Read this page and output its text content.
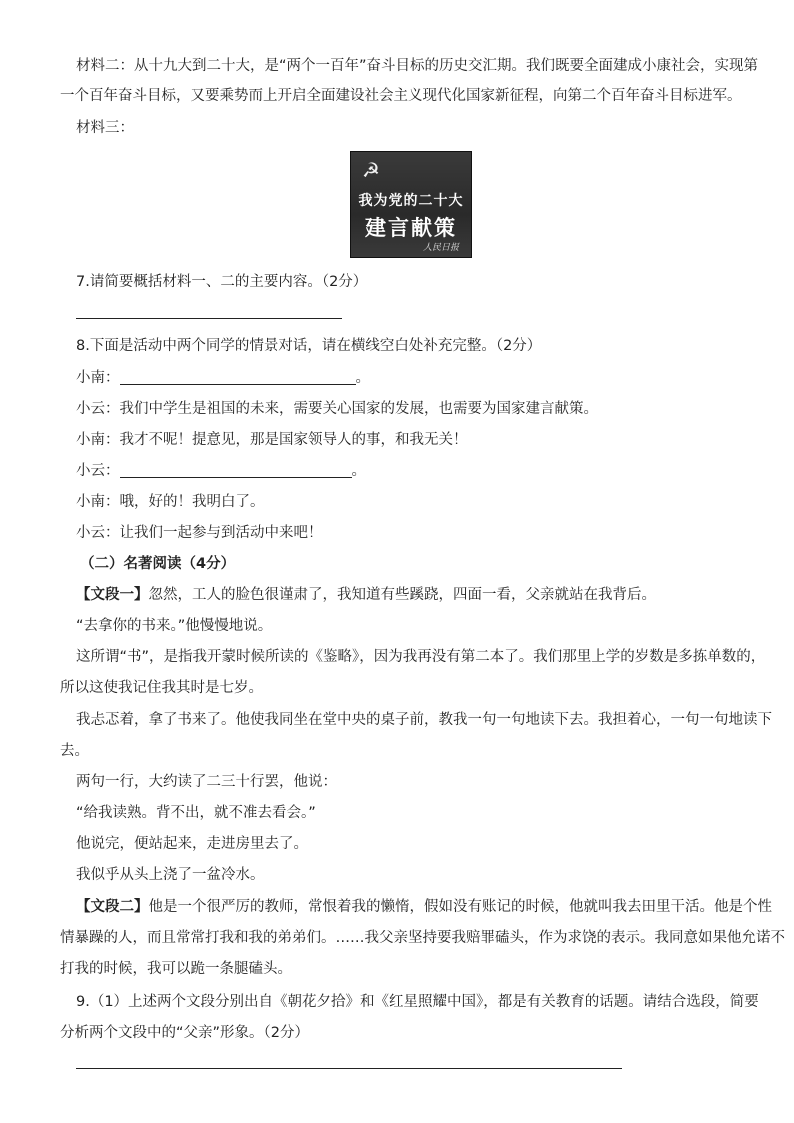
材料二：从十九大到二十大，是“两个一百年”奋斗目标的历史交汇期。我们既要全面建成小康社会，实现第
一个百年奋斗目标，又要乘势而上开启全面建设社会主义现代化国家新征程，向第二个百年奋斗目标进军。
材料三：
☭
我为党的二十大
建言献策
人民日报
7.请简要概括材料一、二的主要内容。（2分）
8.下面是活动中两个同学的情景对话，请在横线空白处补充完整。（2分）
小南：	。
小云：我们中学生是祖国的未来，需要关心国家的发展，也需要为国家建言献策。
小南：我才不呢！提意见，那是国家领导人的事，和我无关！
小云：	。
小南：哦，好的！我明白了。
小云：让我们一起参与到活动中来吧！
（二）名著阅读（4分）
【文段一】忽然，工人的脸色很谨肃了，我知道有些蹊跷，四面一看，父亲就站在我背后。
“去拿你的书来。”他慢慢地说。
这所谓“书”，是指我开蒙时候所读的《鉴略》，因为我再没有第二本了。我们那里上学的岁数是多拣单数的，
所以这使我记住我其时是七岁。
我忐忑着，拿了书来了。他使我同坐在堂中央的桌子前，教我一句一句地读下去。我担着心，一句一句地读下
去。
两句一行，大约读了二三十行罢，他说：
“给我读熟。背不出，就不准去看会。”
他说完，便站起来，走进房里去了。
我似乎从头上浇了一盆冷水。
【文段二】他是一个很严厉的教师，常恨着我的懒惰，假如没有账记的时候，他就叫我去田里干活。他是个性
情暴躁的人，而且常常打我和我的弟弟们。……我父亲坚持要我赔罪磕头，作为求饶的表示。我同意如果他允诺不
打我的时候，我可以跪一条腿磕头。
9.（1）上述两个文段分别出自《朝花夕拾》和《红星照耀中国》，都是有关教育的话题。请结合选段，简要
分析两个文段中的“父亲”形象。（2分）
